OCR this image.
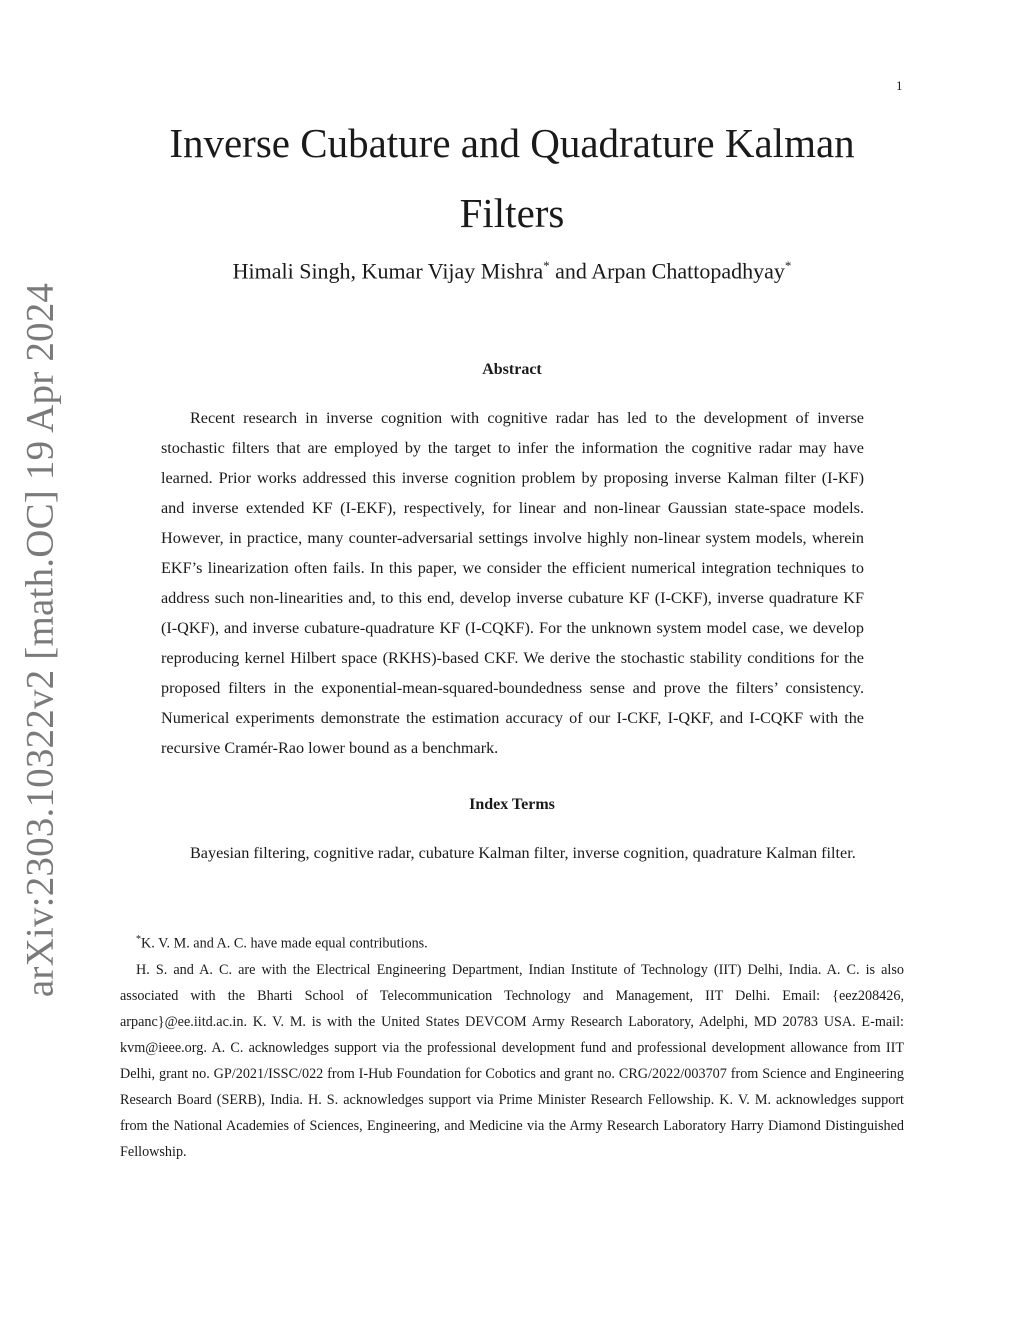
1
arXiv:2303.10322v2 [math.OC] 19 Apr 2024
Inverse Cubature and Quadrature Kalman
Filters
Himali Singh, Kumar Vijay Mishra* and Arpan Chattopadhyay*
Abstract

Recent research in inverse cognition with cognitive radar has led to the development of inverse stochastic filters that are employed by the target to infer the information the cognitive radar may have learned. Prior works addressed this inverse cognition problem by proposing inverse Kalman filter (I-KF) and inverse extended KF (I-EKF), respectively, for linear and non-linear Gaussian state-space models. However, in practice, many counter-adversarial settings involve highly non-linear system models, wherein EKF’s linearization often fails. In this paper, we consider the efficient numerical integration techniques to address such non-linearities and, to this end, develop inverse cubature KF (I-CKF), inverse quadrature KF (I-QKF), and inverse cubature-quadrature KF (I-CQKF). For the unknown system model case, we develop reproducing kernel Hilbert space (RKHS)-based CKF. We derive the stochastic stability conditions for the proposed filters in the exponential-mean-squared-boundedness sense and prove the filters’ consistency. Numerical experiments demonstrate the estimation accuracy of our I-CKF, I-QKF, and I-CQKF with the recursive Cramér-Rao lower bound as a benchmark.

Index Terms

Bayesian filtering, cognitive radar, cubature Kalman filter, inverse cognition, quadrature Kalman filter.

*K. V. M. and A. C. have made equal contributions.

H. S. and A. C. are with the Electrical Engineering Department, Indian Institute of Technology (IIT) Delhi, India. A. C. is also associated with the Bharti School of Telecommunication Technology and Management, IIT Delhi. Email: {eez208426, arpanc}@ee.iitd.ac.in. K. V. M. is with the United States DEVCOM Army Research Laboratory, Adelphi, MD 20783 USA. E-mail: kvm@ieee.org. A. C. acknowledges support via the professional development fund and professional development allowance from IIT Delhi, grant no. GP/2021/ISSC/022 from I-Hub Foundation for Cobotics and grant no. CRG/2022/003707 from Science and Engineering Research Board (SERB), India. H. S. acknowledges support via Prime Minister Research Fellowship. K. V. M. acknowledges support from the National Academies of Sciences, Engineering, and Medicine via the Army Research Laboratory Harry Diamond Distinguished Fellowship.
